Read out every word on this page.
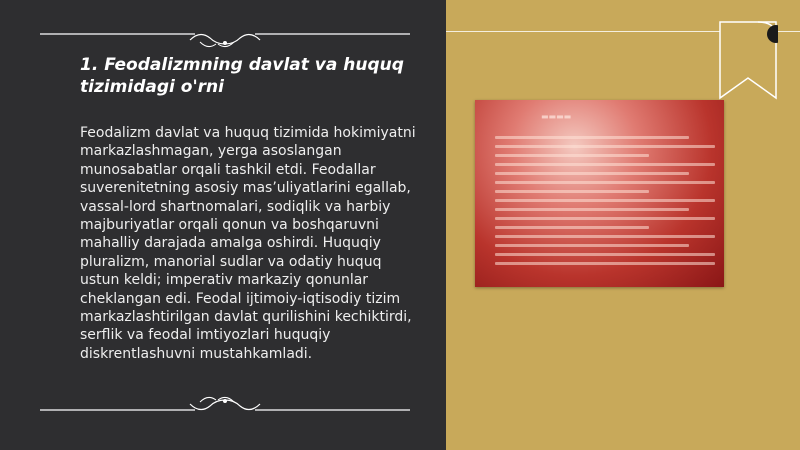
1. Feodalizmning davlat va huquq tizimidagi o'rni

Feodalizm davlat va huquq tizimida hokimiyatni markazlashmagan, yerga asoslangan munosabatlar orqali tashkil etdi. Feodallar suverenitetning asosiy mas’uliyatlarini egallab, vassal-lord shartnomalari, sodiqlik va harbiy majburiyatlar orqali qonun va boshqaruvni mahalliy darajada amalga oshirdi. Huquqiy pluralizm, manorial sudlar va odatiy huquq ustun keldi; imperativ markaziy qonunlar cheklangan edi. Feodal ijtimoiy-iqtisodiy tizim markazlashtirilgan davlat qurilishini kechiktirdi, serflik va feodal imtiyozlari huquqiy diskrentlashuvni mustahkamladi.

▬▬▬▬
